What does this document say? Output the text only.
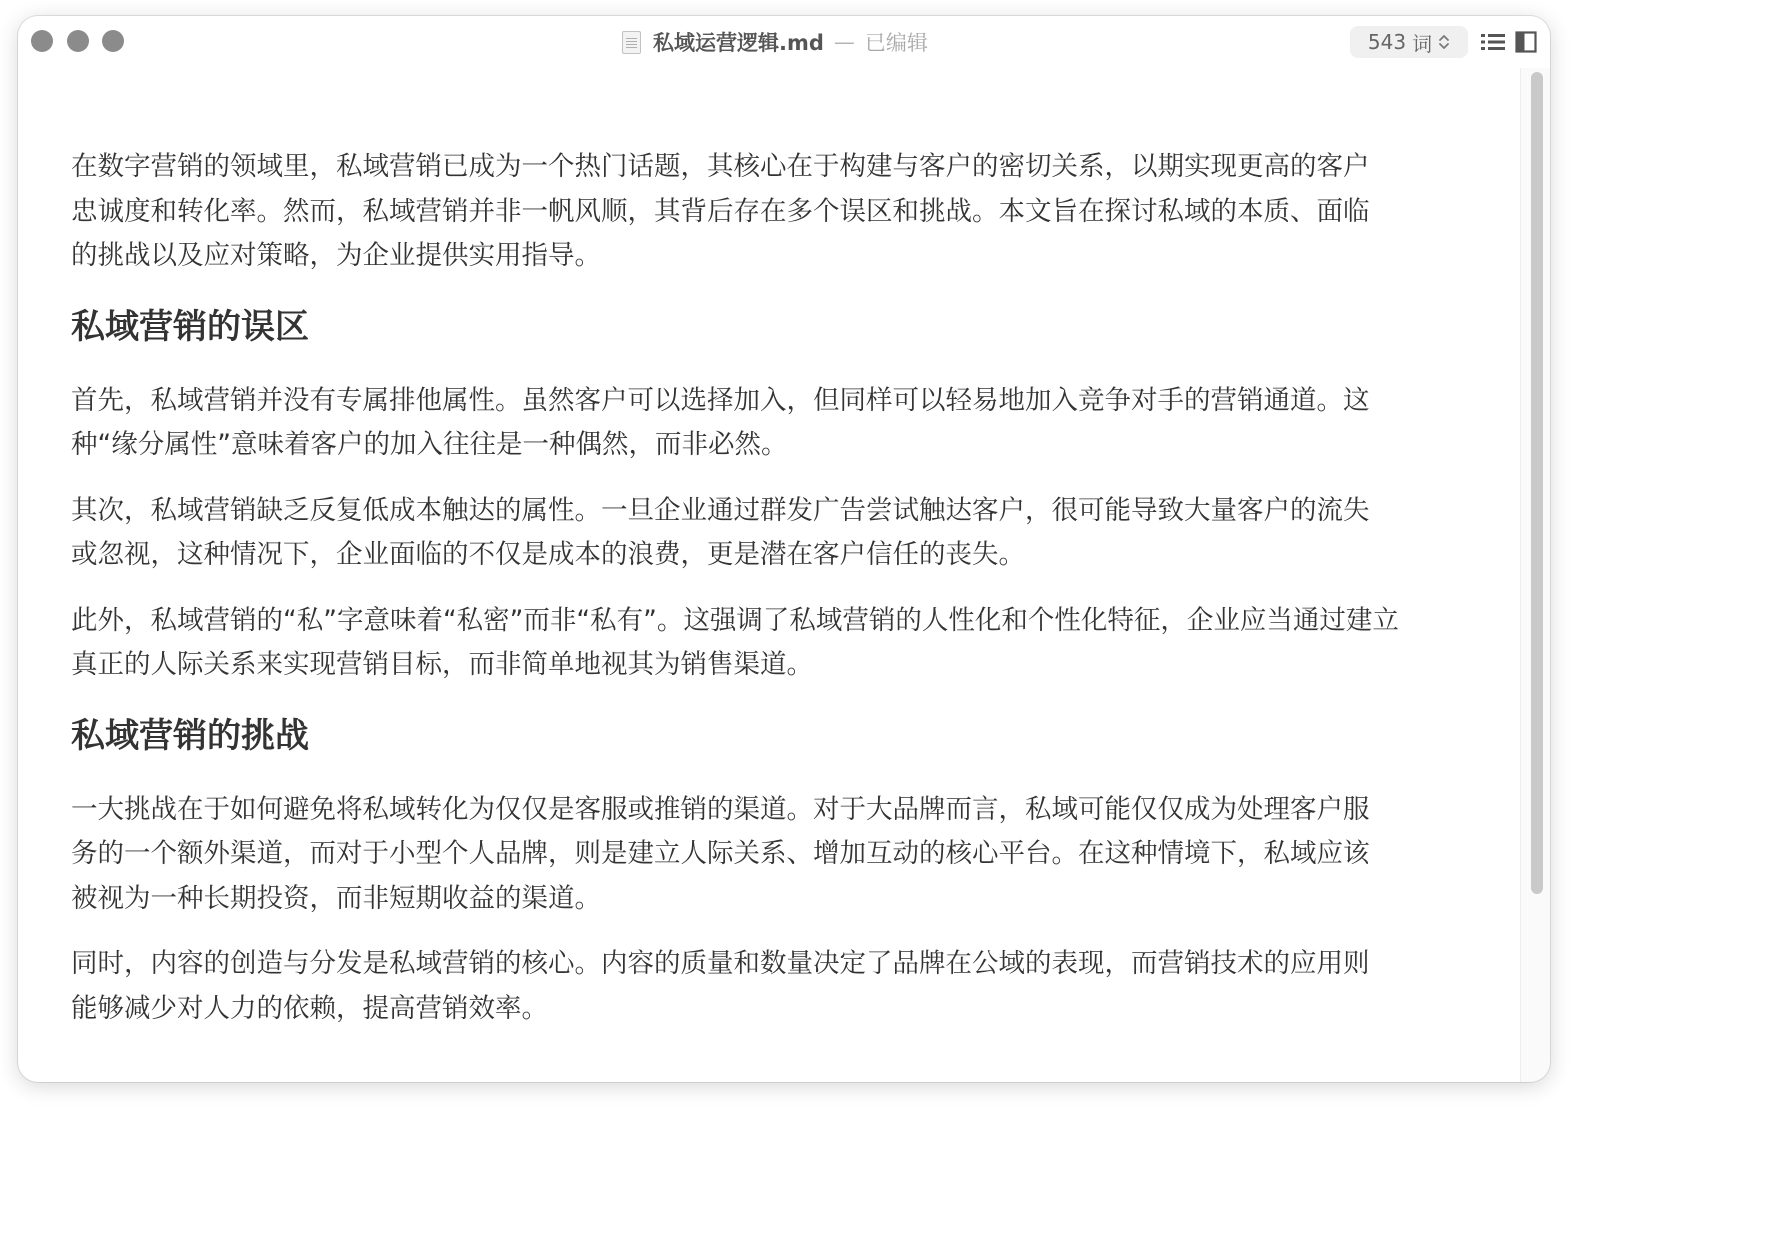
私域运营逻辑.md — 已编辑	543 词

在数字营销的领域里，私域营销已成为一个热门话题，其核心在于构建与客户的密切关系，以期实现更高的客户
忠诚度和转化率。然而，私域营销并非一帆风顺，其背后存在多个误区和挑战。本文旨在探讨私域的本质、面临
的挑战以及应对策略，为企业提供实用指导。

私域营销的误区

首先，私域营销并没有专属排他属性。虽然客户可以选择加入，但同样可以轻易地加入竞争对手的营销通道。这
种“缘分属性”意味着客户的加入往往是一种偶然，而非必然。

其次，私域营销缺乏反复低成本触达的属性。一旦企业通过群发广告尝试触达客户，很可能导致大量客户的流失
或忽视，这种情况下，企业面临的不仅是成本的浪费，更是潜在客户信任的丧失。

此外，私域营销的“私”字意味着“私密”而非“私有”。这强调了私域营销的人性化和个性化特征，企业应当通过建立
真正的人际关系来实现营销目标，而非简单地视其为销售渠道。

私域营销的挑战

一大挑战在于如何避免将私域转化为仅仅是客服或推销的渠道。对于大品牌而言，私域可能仅仅成为处理客户服
务的一个额外渠道，而对于小型个人品牌，则是建立人际关系、增加互动的核心平台。在这种情境下，私域应该
被视为一种长期投资，而非短期收益的渠道。

同时，内容的创造与分发是私域营销的核心。内容的质量和数量决定了品牌在公域的表现，而营销技术的应用则
能够减少对人力的依赖，提高营销效率。
